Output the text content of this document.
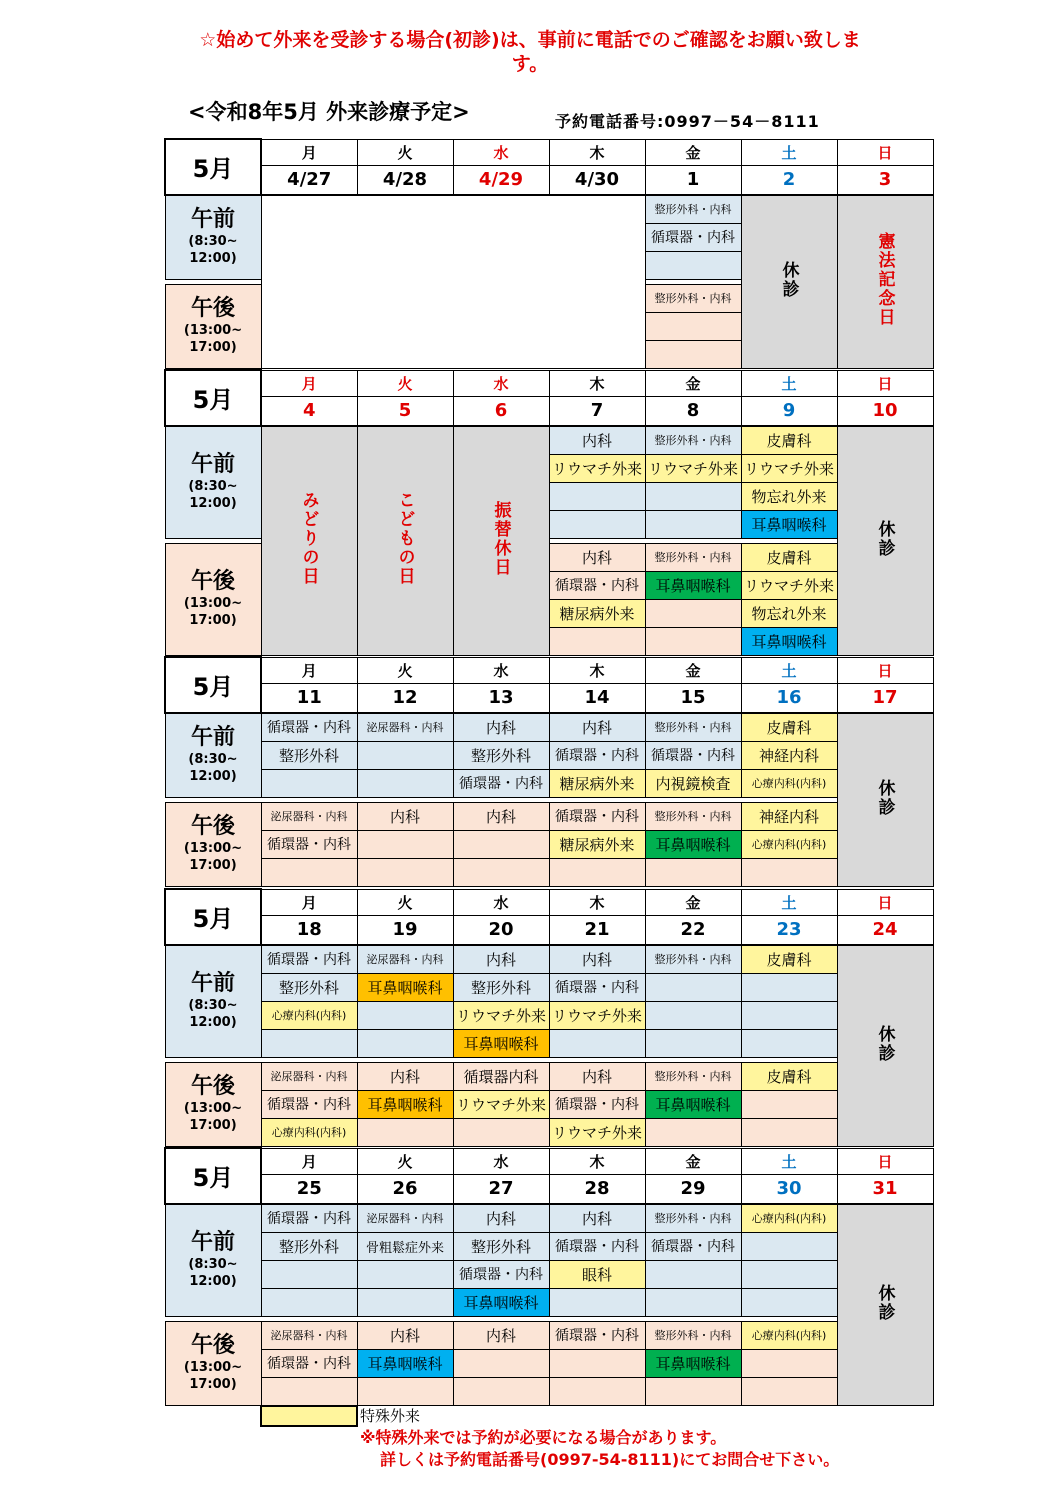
☆始めて外来を受診する場合(初診)は、事前に電話でのご確認をお願い致しま
す。
<令和8年5月 外来診療予定>	予約電話番号:0997－54－8111
5月	月	火	水	木	金	土	日
	4/27	4/28	4/29	4/30	1	2	3

午前
(8:30~
12:00)					整形外科・内科	休診	憲法記念日
					循環器・内科		

午後
(13:00~
17:00)					整形外科・内科		

5月	月	火	水	木	金	土	日
	4	5	6	7	8	9	10

午前
(8:30~
12:00)	みどりの日	こどもの日	振替休日	内科	整形外科・内科	皮膚科	休診
				リウマチ外来	リウマチ外来	リウマチ外来	
						物忘れ外来	
						耳鼻咽喉科	

午後
(13:00~
17:00)				内科	整形外科・内科	皮膚科	
				循環器・内科	耳鼻咽喉科	リウマチ外来	
				糖尿病外来		物忘れ外来	
						耳鼻咽喉科	
5月	月	火	水	木	金	土	日
	11	12	13	14	15	16	17

午前
(8:30~
12:00)	循環器・内科	泌尿器科・内科	内科	内科	整形外科・内科	皮膚科	休診
	整形外科		整形外科	循環器・内科	循環器・内科	神経内科	
			循環器・内科	糖尿病外来	内視鏡検査	心療内科(内科)	

午後
(13:00~
17:00)	泌尿器科・内科	内科	内科	循環器・内科	整形外科・内科	神経内科	
	循環器・内科			糖尿病外来	耳鼻咽喉科	心療内科(内科)	

5月	月	火	水	木	金	土	日
	18	19	20	21	22	23	24

午前
(8:30~
12:00)	循環器・内科	泌尿器科・内科	内科	内科	整形外科・内科	皮膚科	休診
	整形外科	耳鼻咽喉科	整形外科	循環器・内科			
	心療内科(内科)		リウマチ外来	リウマチ外来			
			耳鼻咽喉科				

午後
(13:00~
17:00)	泌尿器科・内科	内科	循環器内科	内科	整形外科・内科	皮膚科	
	循環器・内科	耳鼻咽喉科	リウマチ外来	循環器・内科	耳鼻咽喉科		
	心療内科(内科)			リウマチ外来			
5月	月	火	水	木	金	土	日
	25	26	27	28	29	30	31

午前
(8:30~
12:00)	循環器・内科	泌尿器科・内科	内科	内科	整形外科・内科	心療内科(内科)	休診
	整形外科	骨粗鬆症外来	整形外科	循環器・内科	循環器・内科		
			循環器・内科	眼科			
			耳鼻咽喉科				

午後
(13:00~
17:00)	泌尿器科・内科	内科	内科	循環器・内科	整形外科・内科	心療内科(内科)	
	循環器・内科	耳鼻咽喉科			耳鼻咽喉科		

特殊外来
※特殊外来では予約が必要になる場合があります。
詳しくは予約電話番号(0997-54-8111)にてお問合せ下さい。
